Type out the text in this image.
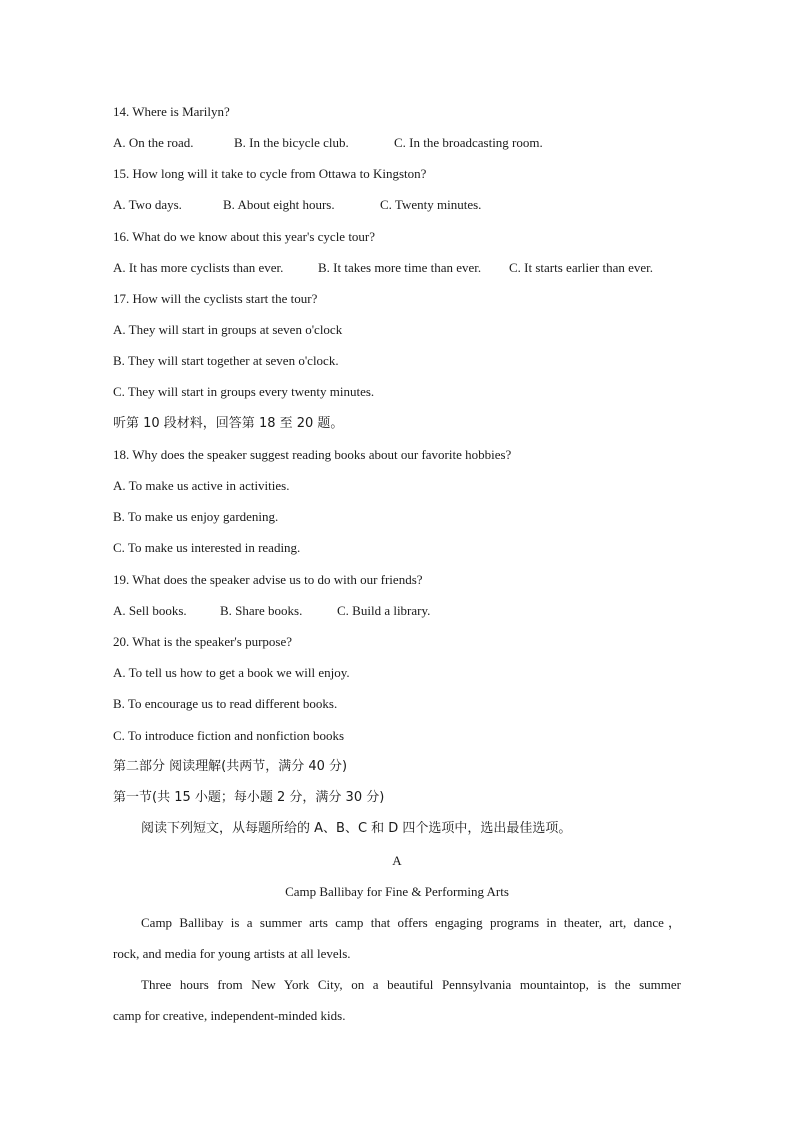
14. Where is Marilyn?
A. On the road.	B. In the bicycle club.	C. In the broadcasting room.
15. How long will it take to cycle from Ottawa to Kingston?
A. Two days.	B. About eight hours.	C. Twenty minutes.
16. What do we know about this year's cycle tour?
A. It has more cyclists than ever.	B. It takes more time than ever. C. It starts earlier than ever.
17. How will the cyclists start the tour?
A. They will start in groups at seven o'clock
B. They will start together at seven o'clock.
C. They will start in groups every twenty minutes.
听第 10 段材料，回答第 18 至 20 题。
18. Why does the speaker suggest reading books about our favorite hobbies?
A. To make us active in activities.
B. To make us enjoy gardening.
C. To make us interested in reading.
19. What does the speaker advise us to do with our friends?
A. Sell books.	B. Share books.	C. Build a library.
20. What is the speaker's purpose?
A. To tell us how to get a book we will enjoy.
B. To encourage us to read different books.
C. To introduce fiction and nonfiction books
第二部分 阅读理解(共两节，满分 40 分)
第一节(共 15 小题；每小题 2 分，满分 30 分)
阅读下列短文，从每题所给的 A、B、C 和 D 四个选项中，选出最佳选项。
A
Camp Ballibay for Fine & Performing Arts
Camp Ballibay is a summer arts camp that offers engaging programs in theater, art, dance，
rock, and media for young artists at all levels.
Three hours from New York City, on a beautiful Pennsylvania mountaintop, is the summer
camp for creative, independent-minded kids.
